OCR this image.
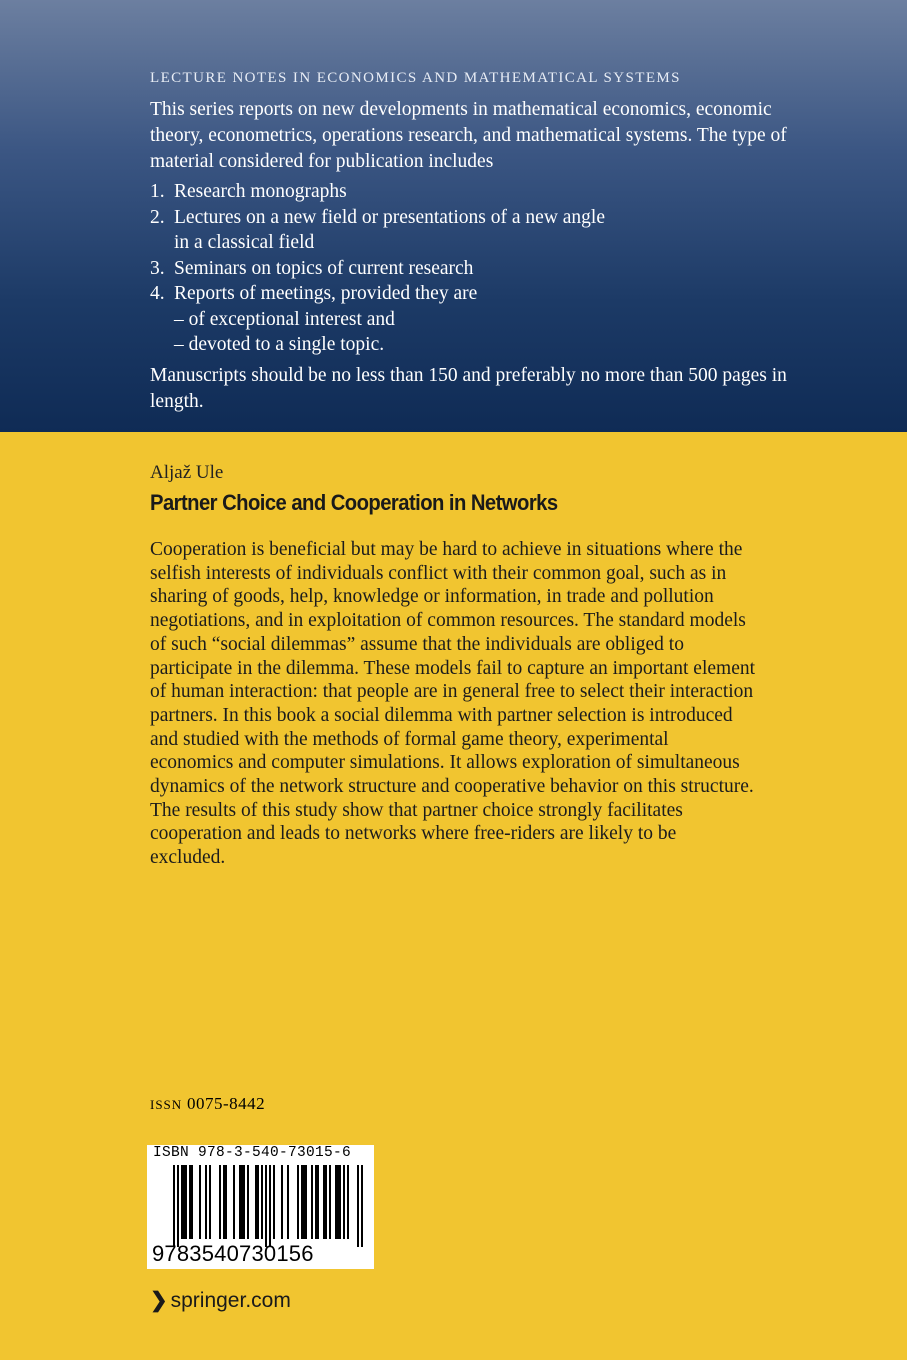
LECTURE NOTES IN ECONOMICS AND MATHEMATICAL SYSTEMS

This series reports on new developments in mathematical economics, economic theory, econometrics, operations research, and mathematical systems. The type of material considered for publication includes

1. Research monographs
2. Lectures on a new field or presentations of a new angle
in a classical field
3. Seminars on topics of current research
4. Reports of meetings, provided they are
– of exceptional interest and
– devoted to a single topic.

Manuscripts should be no less than 150 and preferably no more than 500 pages in length.

Aljaž Ule
Partner Choice and Cooperation in Networks

Cooperation is beneficial but may be hard to achieve in situations where the selfish interests of individuals conflict with their common goal, such as in sharing of goods, help, knowledge or information, in trade and pollution negotiations, and in exploitation of common resources. The standard models of such “social dilemmas” assume that the individuals are obliged to participate in the dilemma. These models fail to capture an important element of human interaction: that people are in general free to select their interaction partners. In this book a social dilemma with partner selection is introduced and studied with the methods of formal game theory, experimental economics and computer simulations. It allows exploration of simultaneous dynamics of the network structure and cooperative behavior on this structure. The results of this study show that partner choice strongly facilitates cooperation and leads to networks where free-riders are likely to be excluded.

ISSN 0075-8442
ISBN 978-3-540-73015-6
9783540730156
❯ springer.com
